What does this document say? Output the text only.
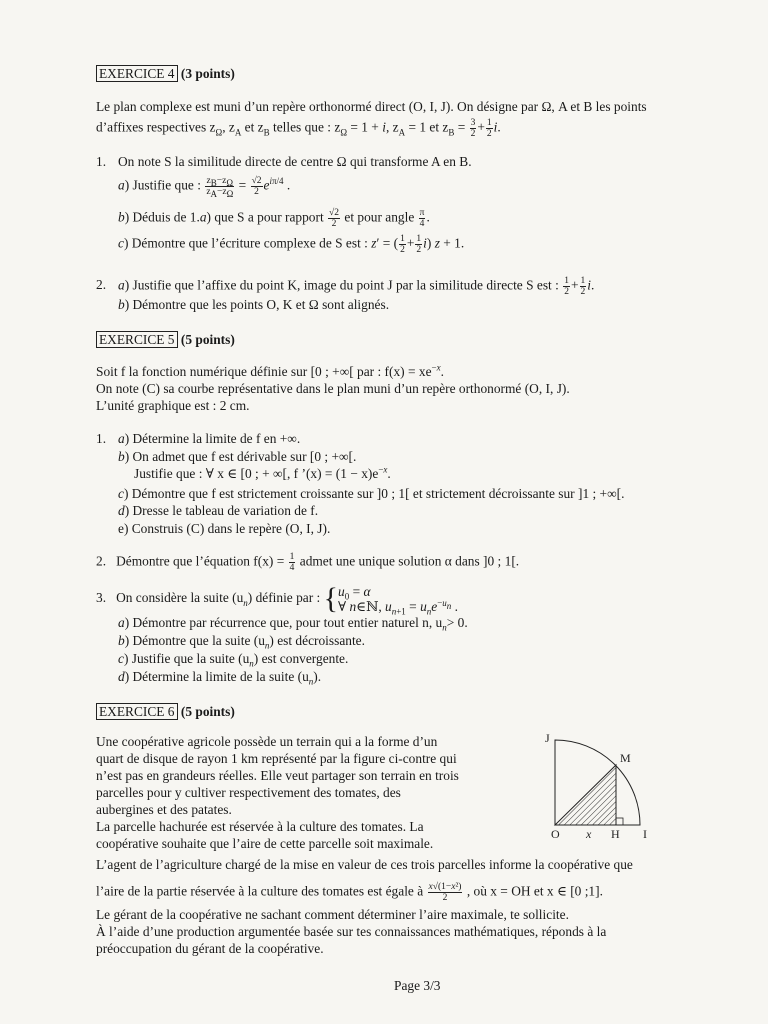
EXERCICE 4 (3 points)
Le plan complexe est muni d’un repère orthonormé direct (O, I, J). On désigne par Ω, A et B les points
d’affixes respectives $z_\Omega$, $z_A$ et $z_B$ telles que : $z_\Omega = 1 + i$, $z_A = 1$ et $z_B = \frac{3}{2} + \frac{1}{2} i$.
1. On note S la similitude directe de centre Ω qui transforme A en B.
a) Justifie que : $\frac{z_B-z_\Omega}{z_A-z_\Omega} = \frac{√2}{2} e^{i\pi/4}$ .
b) Déduis de 1.a) que S a pour rapport $\frac{√2}{2}$ et pour angle $\frac{\pi}{4}$ .
c) Démontre que l’écriture complexe de S est : z′ = ( $\frac{1}{2} + \frac{1}{2} i$) z + 1.
2. a) Justifie que l’affixe du point K, image du point J par la similitude directe S est : $\frac{1}{2} + \frac{1}{2} i$.
b) Démontre que les points O, K et Ω sont alignés.
EXERCICE 5 (5 points)
Soit f la fonction numérique définie sur [0 ; +∞[ par : $f(x) = xe^{-x}$.
On note (C) sa courbe représentative dans le plan muni d’un repère orthonormé (O, I, J).
L’unité graphique est : 2 cm.
1. a) Détermine la limite de f en +∞.
b) On admet que f est dérivable sur [0 ; +∞[.
Justifie que : ∀ x ∈ [0 ; + ∞[, f ’(x) = $(1 - x)e^{-x}$.
c) Démontre que f est strictement croissante sur ]0 ; 1[ et strictement décroissante sur ]1 ; +∞[.
d) Dresse le tableau de variation de f.
e) Construis (C) dans le repère (O, I, J).
2.   Démontre que l’équation $f(x) = \frac{1}{4}$ admet une unique solution α dans ]0 ; 1[.
3.   On considère la suite $(u_n)$ définie par : {$u_0 = \alpha$
∀ n∈ℕ, $u_{n+1} = u_ne^{-u_n}$ .
a) Démontre par récurrence que, pour tout entier naturel n, $u_n> 0$.
b) Démontre que la suite $(u_n)$ est décroissante.
c) Justifie que la suite $(u_n)$ est convergente.
d) Détermine la limite de la suite $(u_n)$.
EXERCICE 6 (5 points)
Une coopérative agricole possède un terrain qui a la forme d’un
quart de disque de rayon 1 km représenté par la figure ci-contre qui
n’est pas en grandeurs réelles. Elle veut partager son terrain en trois
parcelles pour y cultiver respectivement des tomates, des
aubergines et des patates.
La parcelle hachurée est réservée à la culture des tomates. La
coopérative souhaite que l’aire de cette parcelle soit maximale.
L’agent de l’agriculture chargé de la mise en valeur de ces trois parcelles informe la coopérative que
l’aire de la partie réservée à la culture des tomates est égale à $\frac{\text{x√(1−x²)}}{2}$ , où x = OH et x ∈ [0 ;1].
Le gérant de la coopérative ne sachant comment déterminer l’aire maximale, te sollicite.
À l’aide d’une production argumentée basée sur tes connaissances mathématiques, réponds à la
préoccupation du gérant de la coopérative.
J
M
O x H I
Page 3/3
